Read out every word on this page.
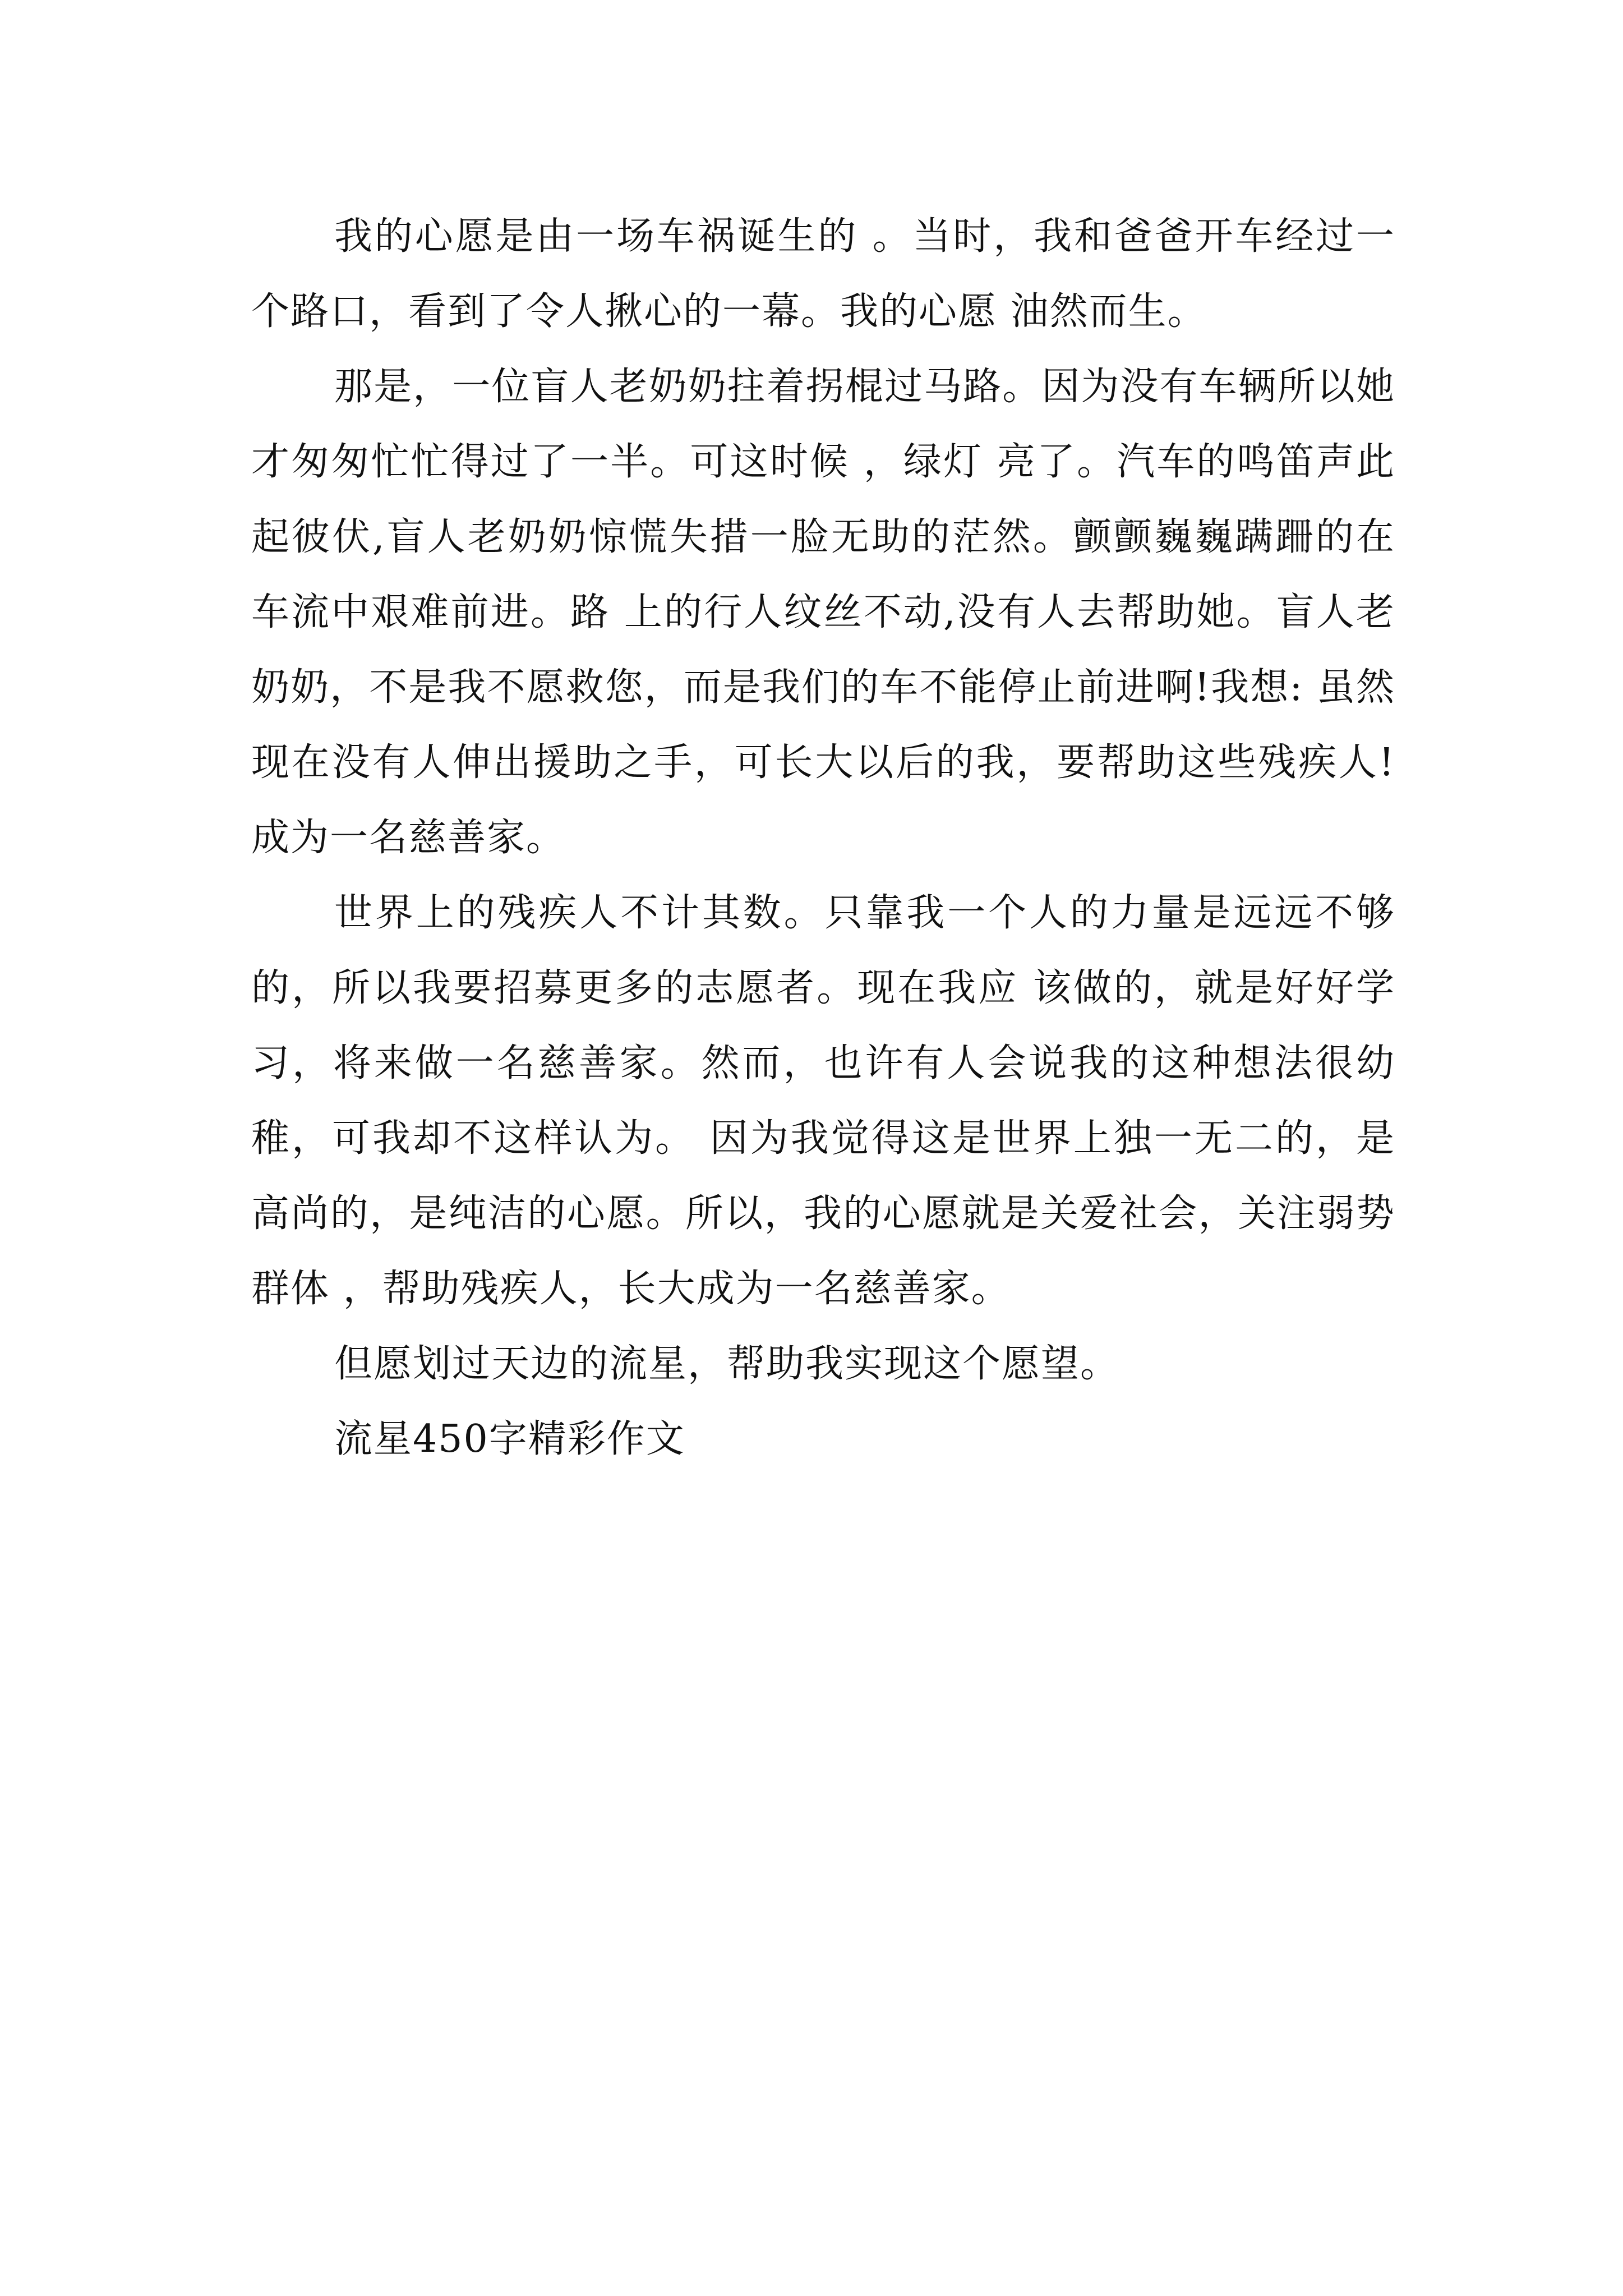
我的心愿是由一场车祸诞生的 。当时，我和爸爸开车经过一个路口，看到了令人揪心的一幕。我的心愿 油然而生。

那是，一位盲人老奶奶拄着拐棍过马路。因为没有车辆所以她才匆匆忙忙得过了一半。可这时候 ，绿灯 亮了。汽车的鸣笛声此起彼伏,盲人老奶奶惊慌失措一脸无助的茫然。颤颤巍巍蹒跚的在车流中艰难前进。路 上的行人纹丝不动,没有人去帮助她。盲人老奶奶，不是我不愿救您，而是我们的车不能停止前进啊!我想: 虽然现在没有人伸出援助之手，可长大以后的我，要帮助这些残疾人!成为一名慈善家。

世界上的残疾人不计其数。只靠我一个人的力量是远远不够的，所以我要招募更多的志愿者。现在我应 该做的，就是好好学习，将来做一名慈善家。然而，也许有人会说我的这种想法很幼稚，可我却不这样认为。 因为我觉得这是世界上独一无二的，是高尚的，是纯洁的心愿。所以，我的心愿就是关爱社会，关注弱势群体 ，帮助残疾人，长大成为一名慈善家。

但愿划过天边的流星，帮助我实现这个愿望。

流星450字精彩作文
